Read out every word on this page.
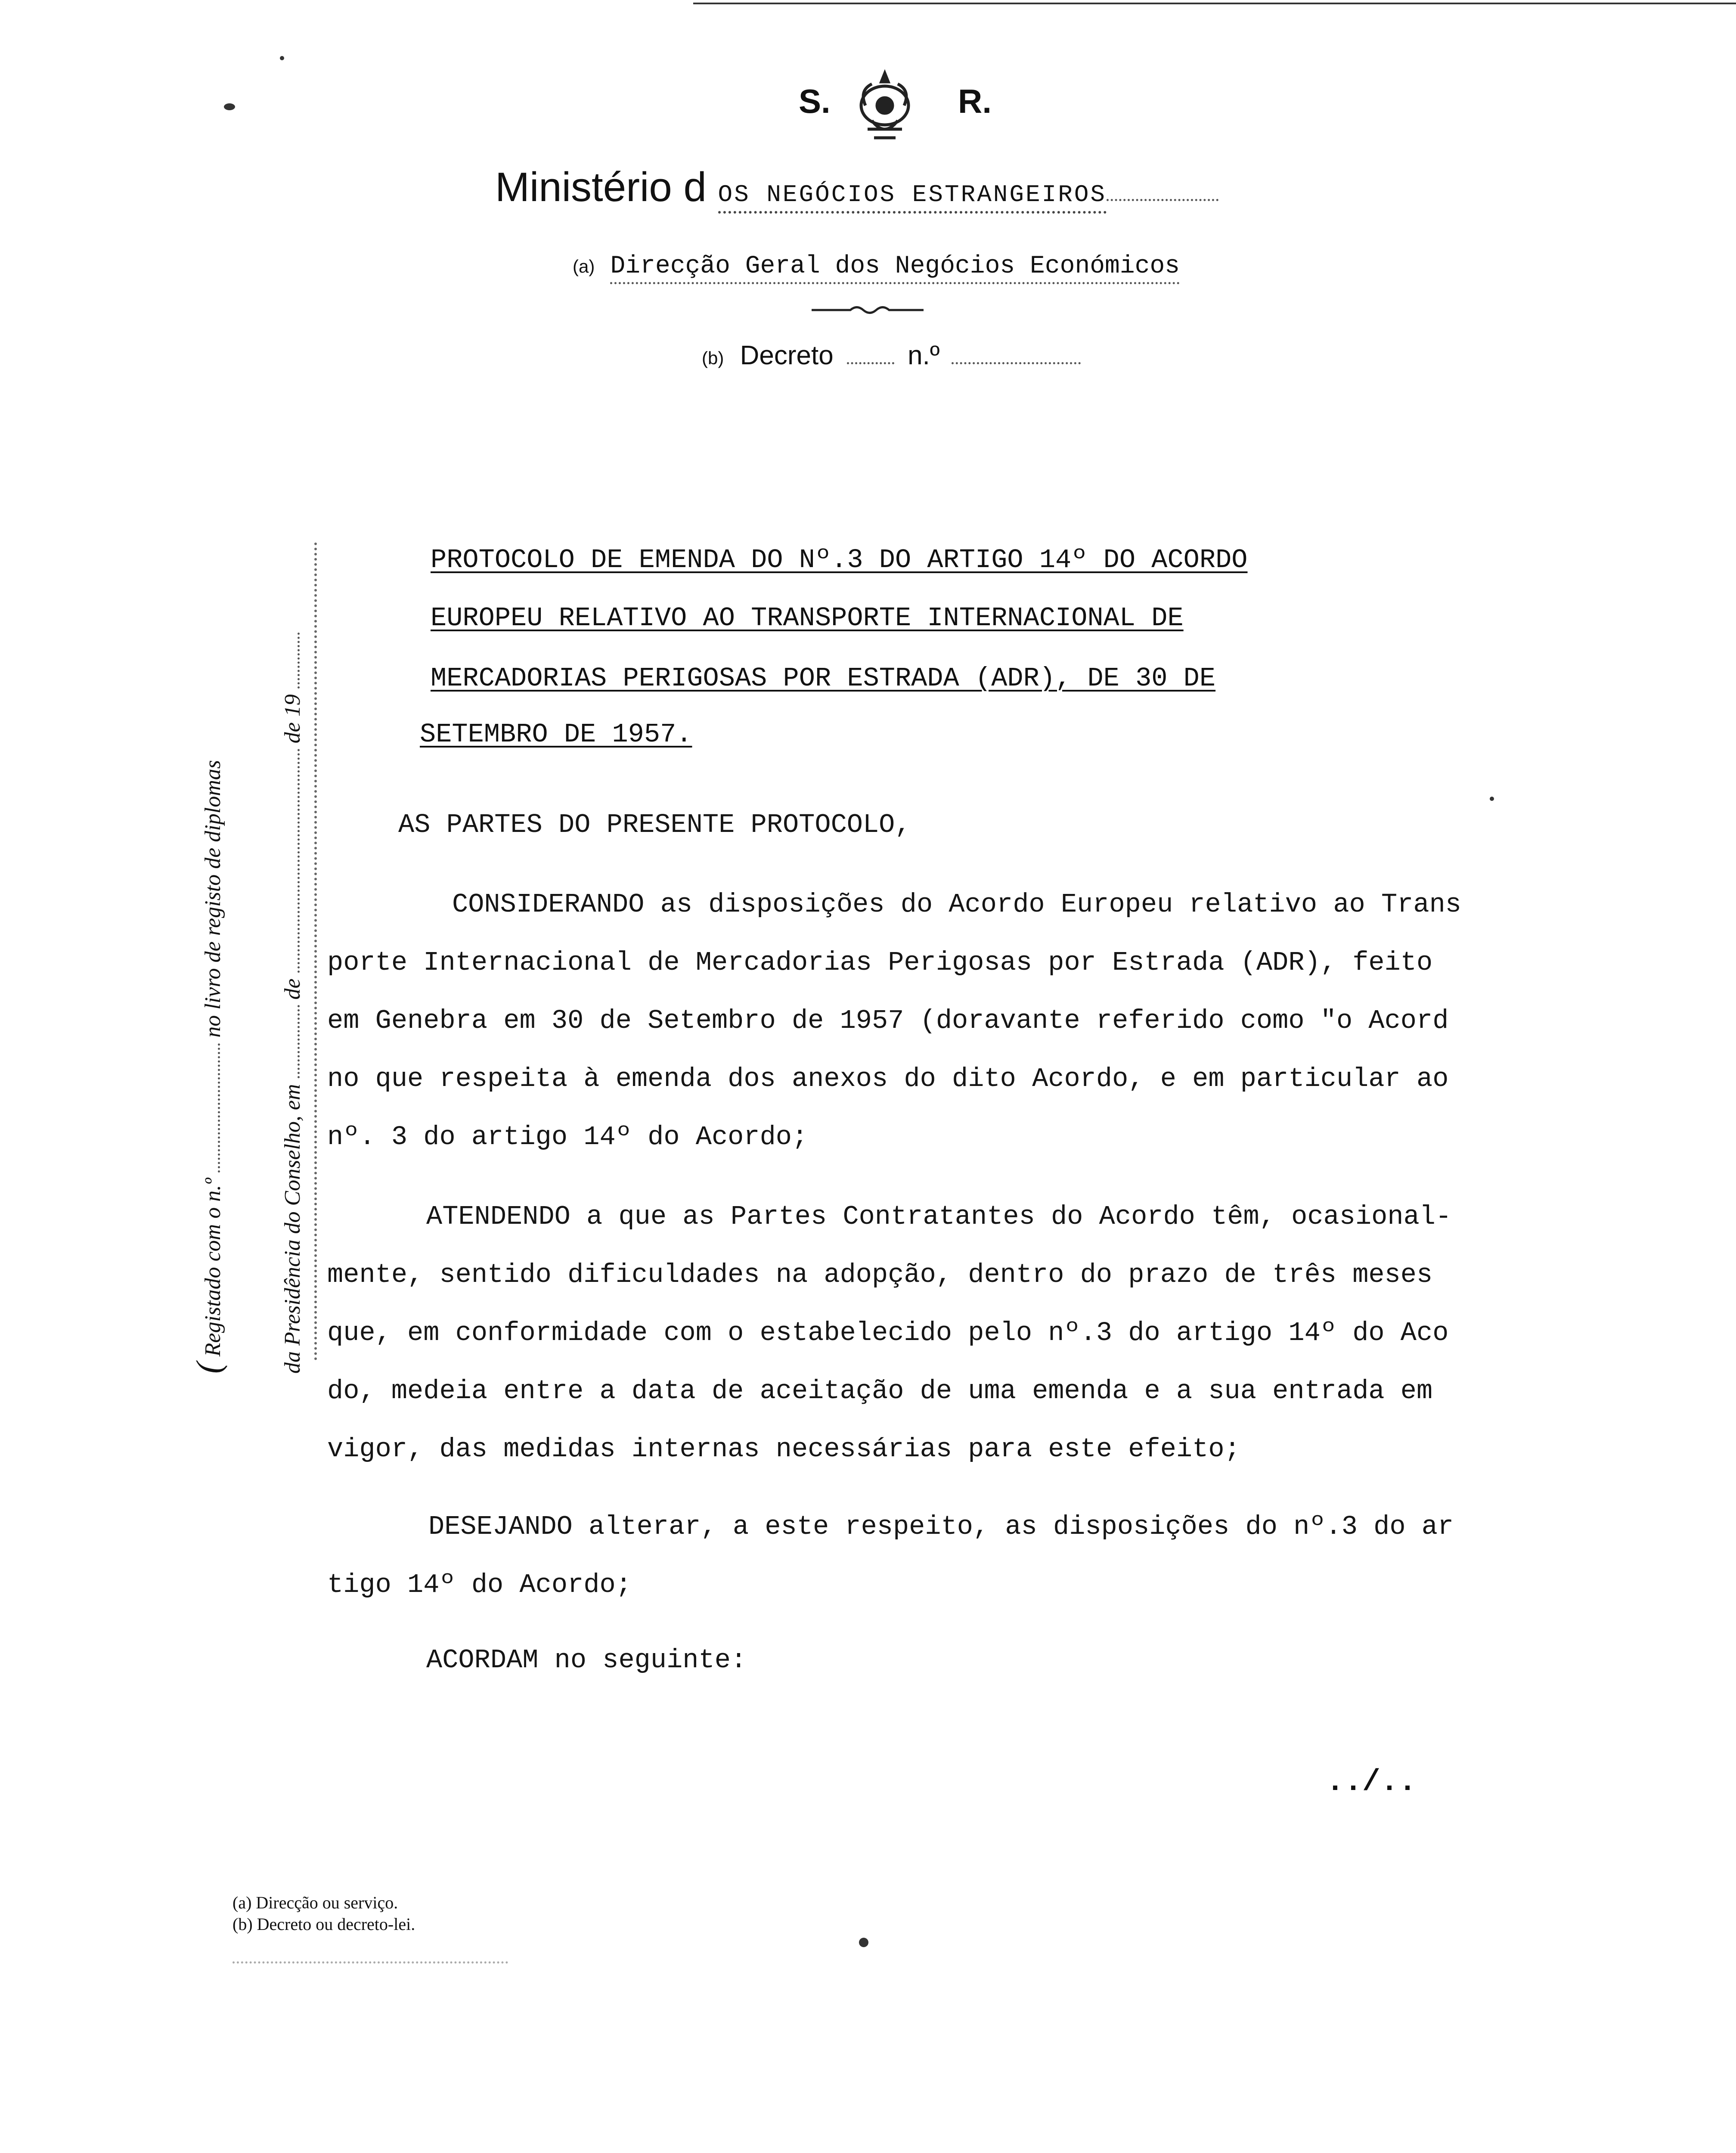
S.	R.
Ministério d OS NEGÓCIOS ESTRANGEIROS
(a) Direcção Geral dos Negócios Económicos
(b) Decreto	n.º
( Registado com o n.º  no livro de registo de diplomas
da Presidência do Conselho, em  de  de 19
PROTOCOLO DE EMENDA DO Nº.3 DO ARTIGO 14º DO ACORDO
EUROPEU RELATIVO AO TRANSPORTE INTERNACIONAL DE
MERCADORIAS PERIGOSAS POR ESTRADA (ADR), DE 30 DE
SETEMBRO DE 1957.
AS PARTES DO PRESENTE PROTOCOLO,
CONSIDERANDO as disposições do Acordo Europeu relativo ao Trans
porte Internacional de Mercadorias Perigosas por Estrada (ADR), feito
em Genebra em 30 de Setembro de 1957 (doravante referido como "o Acord
no que respeita à emenda dos anexos do dito Acordo, e em particular ao
nº. 3 do artigo 14º do Acordo;
ATENDENDO a que as Partes Contratantes do Acordo têm, ocasional-
mente, sentido dificuldades na adopção, dentro do prazo de três meses
que, em conformidade com o estabelecido pelo nº.3 do artigo 14º do Aco
do, medeia entre a data de aceitação de uma emenda e a sua entrada em
vigor, das medidas internas necessárias para este efeito;
DESEJANDO alterar, a este respeito, as disposições do nº.3 do ar
tigo 14º do Acordo;
ACORDAM no seguinte:
../..
(a) Direcção ou serviço.
(b) Decreto ou decreto-lei.
